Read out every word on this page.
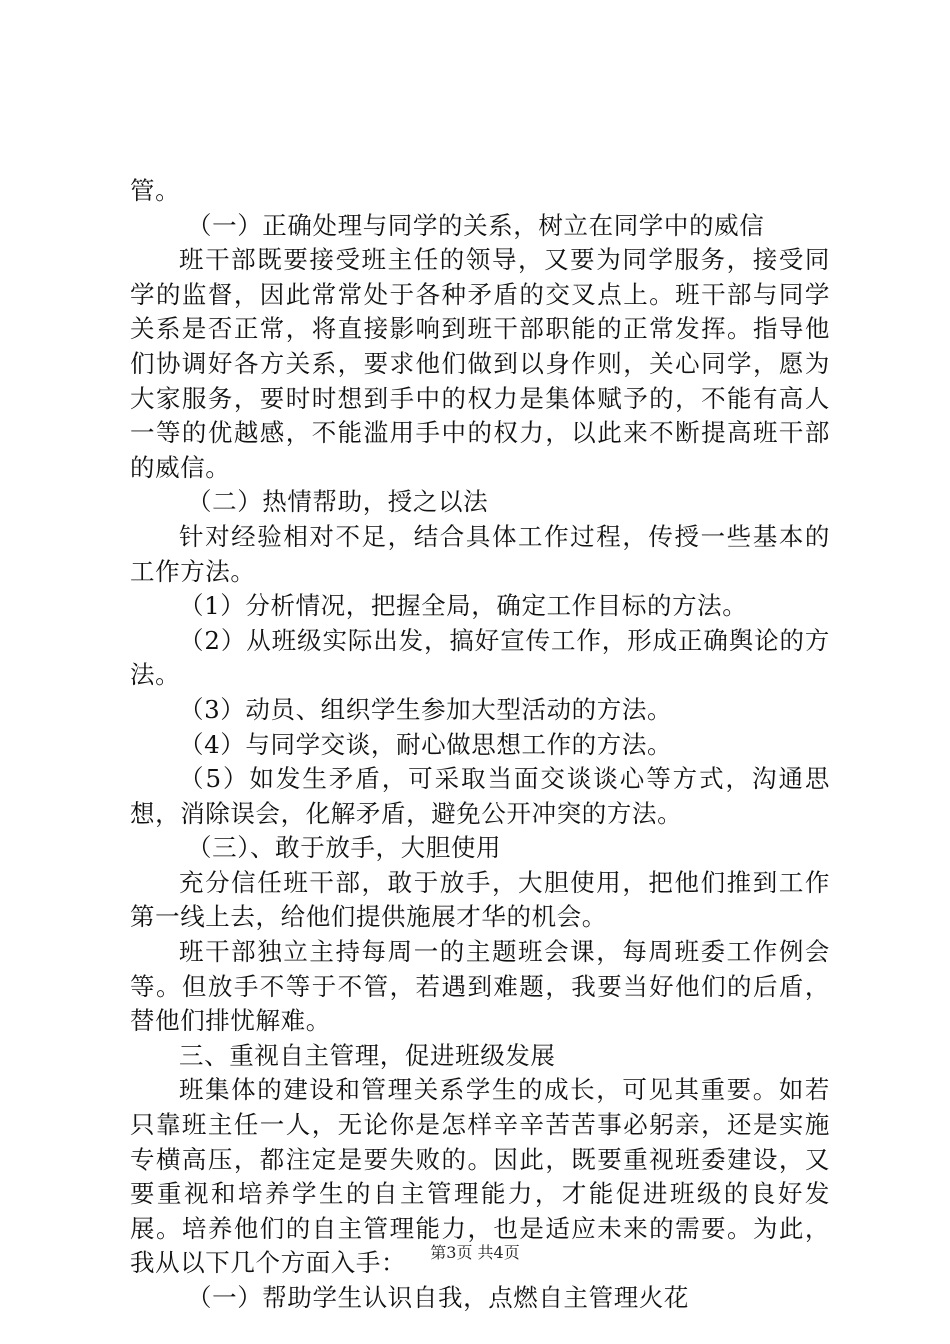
管。

（一）正确处理与同学的关系，树立在同学中的威信

班干部既要接受班主任的领导，又要为同学服务，接受同学的监督，因此常常处于各种矛盾的交叉点上。班干部与同学关系是否正常，将直接影响到班干部职能的正常发挥。指导他们协调好各方关系，要求他们做到以身作则，关心同学，愿为大家服务，要时时想到手中的权力是集体赋予的，不能有高人一等的优越感，不能滥用手中的权力，以此来不断提高班干部的威信。

（二）热情帮助，授之以法

针对经验相对不足，结合具体工作过程，传授一些基本的工作方法。

（1）分析情况，把握全局，确定工作目标的方法。

（2）从班级实际出发，搞好宣传工作，形成正确舆论的方法。

（3）动员、组织学生参加大型活动的方法。

（4）与同学交谈，耐心做思想工作的方法。

（5）如发生矛盾，可采取当面交谈谈心等方式，沟通思想，消除误会，化解矛盾，避免公开冲突的方法。

（三）、敢于放手，大胆使用

充分信任班干部，敢于放手，大胆使用，把他们推到工作第一线上去，给他们提供施展才华的机会。

班干部独立主持每周一的主题班会课，每周班委工作例会等。但放手不等于不管，若遇到难题，我要当好他们的后盾，替他们排忧解难。

三、重视自主管理，促进班级发展

班集体的建设和管理关系学生的成长，可见其重要。如若只靠班主任一人，无论你是怎样辛辛苦苦事必躬亲，还是实施专横高压，都注定是要失败的。因此，既要重视班委建设，又要重视和培养学生的自主管理能力，才能促进班级的良好发展。培养他们的自主管理能力，也是适应未来的需要。为此，我从以下几个方面入手：

（一）帮助学生认识自我，点燃自主管理火花

第3页 共4页
